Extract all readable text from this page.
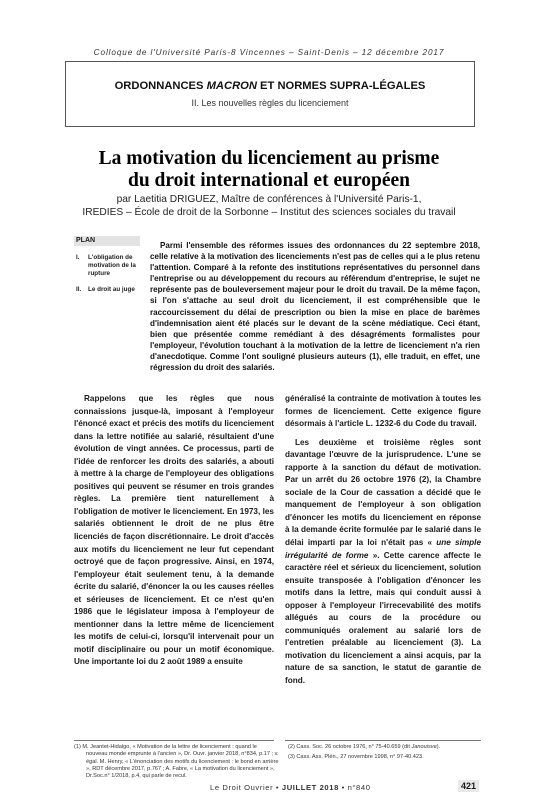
Colloque de l'Université Paris-8 Vincennes – Saint-Denis – 12 décembre 2017
ORDONNANCES MACRON ET NORMES SUPRA-LÉGALES
II. Les nouvelles règles du licenciement
La motivation du licenciement au prisme
du droit international et européen
par Laetitia DRIGUEZ, Maître de conférences à l'Université Paris-1,
IREDIES – École de droit de la Sorbonne – Institut des sciences sociales du travail
PLAN
I. L'obligation de motivation de la rupture
II. Le droit au juge

Parmi l'ensemble des réformes issues des ordonnances du 22 septembre 2018, celle relative à la motivation des licenciements n'est pas de celles qui a le plus retenu l'attention. Comparé à la refonte des institutions représentatives du personnel dans l'entreprise ou au développement du recours au référendum d'entreprise, le sujet ne représente pas de bouleversement majeur pour le droit du travail. De la même façon, si l'on s'attache au seul droit du licenciement, il est compréhensible que le raccourcissement du délai de prescription ou bien la mise en place de barèmes d'indemnisation aient été placés sur le devant de la scène médiatique. Ceci étant, bien que présentée comme remédiant à des désagréments formalistes pour l'employeur, l'évolution touchant à la motivation de la lettre de licenciement n'a rien d'anecdotique. Comme l'ont souligné plusieurs auteurs (1), elle traduit, en effet, une régression du droit des salariés.

Rappelons que les règles que nous connaissions jusque-là, imposant à l'employeur l'énoncé exact et précis des motifs du licenciement dans la lettre notifiée au salarié, résultaient d'une évolution de vingt années. Ce processus, parti de l'idée de renforcer les droits des salariés, a abouti à mettre à la charge de l'employeur des obligations positives qui peuvent se résumer en trois grandes règles. La première tient naturellement à l'obligation de motiver le licenciement. En 1973, les salariés obtiennent le droit de ne plus être licenciés de façon discrétionnaire. Le droit d'accès aux motifs du licenciement ne leur fut cependant octroyé que de façon progressive. Ainsi, en 1974, l'employeur était seulement tenu, à la demande écrite du salarié, d'énoncer la ou les causes réelles et sérieuses de licenciement. Et ce n'est qu'en 1986 que le législateur imposa à l'employeur de mentionner dans la lettre même de licenciement les motifs de celui-ci, lorsqu'il intervenait pour un motif disciplinaire ou pour un motif économique. Une importante loi du 2 août 1989 a ensuite

généralisé la contrainte de motivation à toutes les formes de licenciement. Cette exigence figure désormais à l'article L. 1232-6 du Code du travail.

Les deuxième et troisième règles sont davantage l'œuvre de la jurisprudence. L'une se rapporte à la sanction du défaut de motivation. Par un arrêt du 26 octobre 1976 (2), la Chambre sociale de la Cour de cassation a décidé que le manquement de l'employeur à son obligation d'énoncer les motifs du licenciement en réponse à la demande écrite formulée par le salarié dans le délai imparti par la loi n'était pas « une simple irrégularité de forme ». Cette carence affecte le caractère réel et sérieux du licenciement, solution ensuite transposée à l'obligation d'énoncer les motifs dans la lettre, mais qui conduit aussi à opposer à l'employeur l'irrecevabilité des motifs allégués au cours de la procédure ou communiqués oralement au salarié lors de l'entretien préalable au licenciement (3). La motivation du licenciement a ainsi acquis, par la nature de sa sanction, le statut de garantie de fond.

(1) M. Jeantet-Hidalgo, « Motivation de la lettre de licenciement : quand le nouveau monde emprunte à l'ancien », Dr. Ouvr. janvier 2018, n°834, p.17 ; v. égal. M. Henry, « L'énonciation des motifs du licenciement : le bond en arrière », RDT décembre 2017, p.767 ; A. Fabre, « La motivation du licenciement », Dr.Soc.n° 1/2018, p.4, qui parle de recul.
(2) Cass. Soc. 26 octobre 1976, n° 75-40.659 (dit Janouisve).
(3) Cass. Ass. Plén., 27 novembre 1998, n° 97-40.423.
Le Droit Ouvrier • JUILLET 2018 • n°840	421
